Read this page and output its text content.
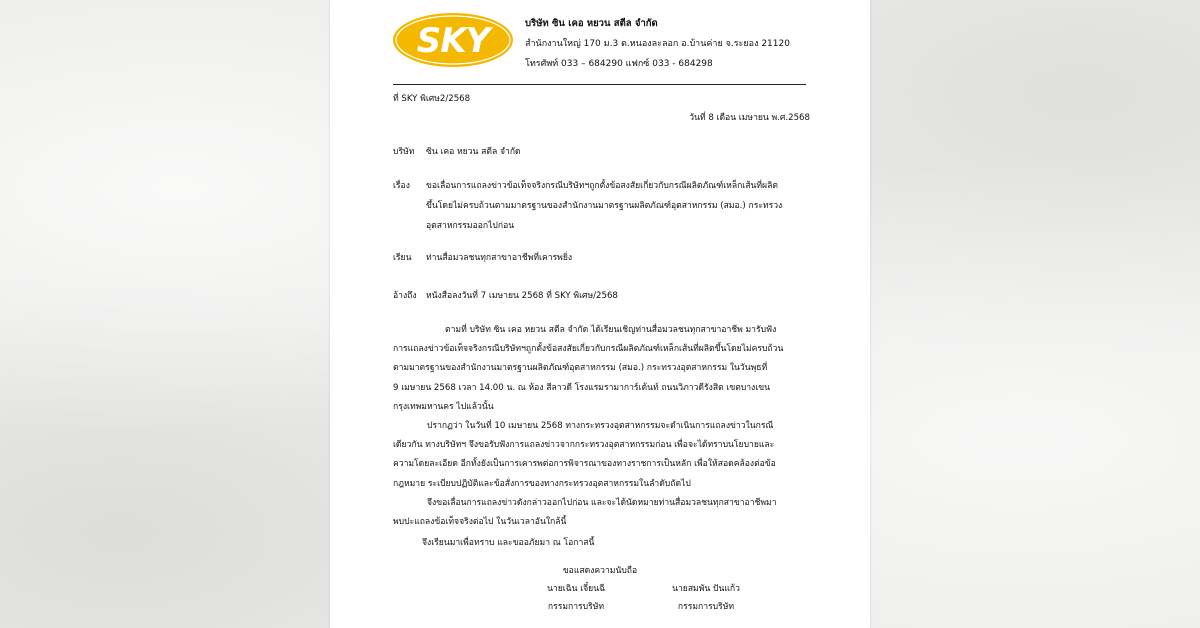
SKY	บริษัท ซิน เคอ หยวน สตีล จำกัด
สำนักงานใหญ่ 170 ม.3 ต.หนองละลอก อ.บ้านค่าย จ.ระยอง 21120
โทรศัพท์ 033 – 684290 แฟกซ์ 033 - 684298
ที่ SKY พิเศษ2/2568
วันที่ 8 เดือน เมษายน พ.ศ.2568
บริษัท ซิน เคอ หยวน สตีล จำกัด
เรื่อง ขอเลื่อนการแถลงข่าวข้อเท็จจริงกรณีบริษัทฯถูกตั้งข้อสงสัยเกี่ยวกับกรณีผลิตภัณฑ์เหล็กเส้นที่ผลิต
ขึ้นโดยไม่ครบถ้วนตามมาตรฐานของสำนักงานมาตรฐานผลิตภัณฑ์อุตสาหกรรม (สมอ.) กระทรวง
อุตสาหกรรมออกไปก่อน
เรียน ท่านสื่อมวลชนทุกสาขาอาชีพที่เคารพยิ่ง
อ้างถึง หนังสือลงวันที่ 7 เมษายน 2568 ที่ SKY พิเศษ/2568
ตามที่ บริษัท ซิน เคอ หยวน สตีล จำกัด ได้เรียนเชิญท่านสื่อมวลชนทุกสาขาอาชีพ มารับฟัง
การแถลงข่าวข้อเท็จจริงกรณีบริษัทฯถูกตั้งข้อสงสัยเกี่ยวกับกรณีผลิตภัณฑ์เหล็กเส้นที่ผลิตขึ้นโดยไม่ครบถ้วน
ตามมาตรฐานของสำนักงานมาตรฐานผลิตภัณฑ์อุตสาหกรรม (สมอ.) กระทรวงอุตสาหกรรม ในวันพุธที่
9 เมษายน 2568 เวลา 14.00 น. ณ ห้อง สีลาวดี โรงแรมรามาการ์เด้นท์ ถนนวิภาวดีรังสิต เขตบางเขน
กรุงเทพมหานคร ไปแล้วนั้น
ปรากฏว่า ในวันที่ 10 เมษายน 2568 ทางกระทรวงอุตสาหกรรมจะดำเนินการแถลงข่าวในกรณี
เดียวกัน ทางบริษัทฯ จึงขอรับฟังการแถลงข่าวจากกระทรวงอุตสาหกรรมก่อน เพื่อจะได้ทราบนโยบายและ
ความโดยละเอียด อีกทั้งยังเป็นการเคารพต่อการพิจารณาของทางราชการเป็นหลัก เพื่อให้สอดคล้องต่อข้อ
กฎหมาย ระเบียบปฏิบัติและข้อสั่งการของทางกระทรวงอุตสาหกรรมในลำดับถัดไป
จึงขอเลื่อนการแถลงข่าวดังกล่าวออกไปก่อน และจะได้นัดหมายท่านสื่อมวลชนทุกสาขาอาชีพมา
พบปะแถลงข้อเท็จจริงต่อไป ในวันเวลาอันใกล้นี้
จึงเรียนมาเพื่อทราบ และขออภัยมา ณ โอกาสนี้
ขอแสดงความนับถือ
นายเฉิน เจี๋ยนฉี
กรรมการบริษัท
นายสมพัน ปันแก้ว
กรรมการบริษัท
